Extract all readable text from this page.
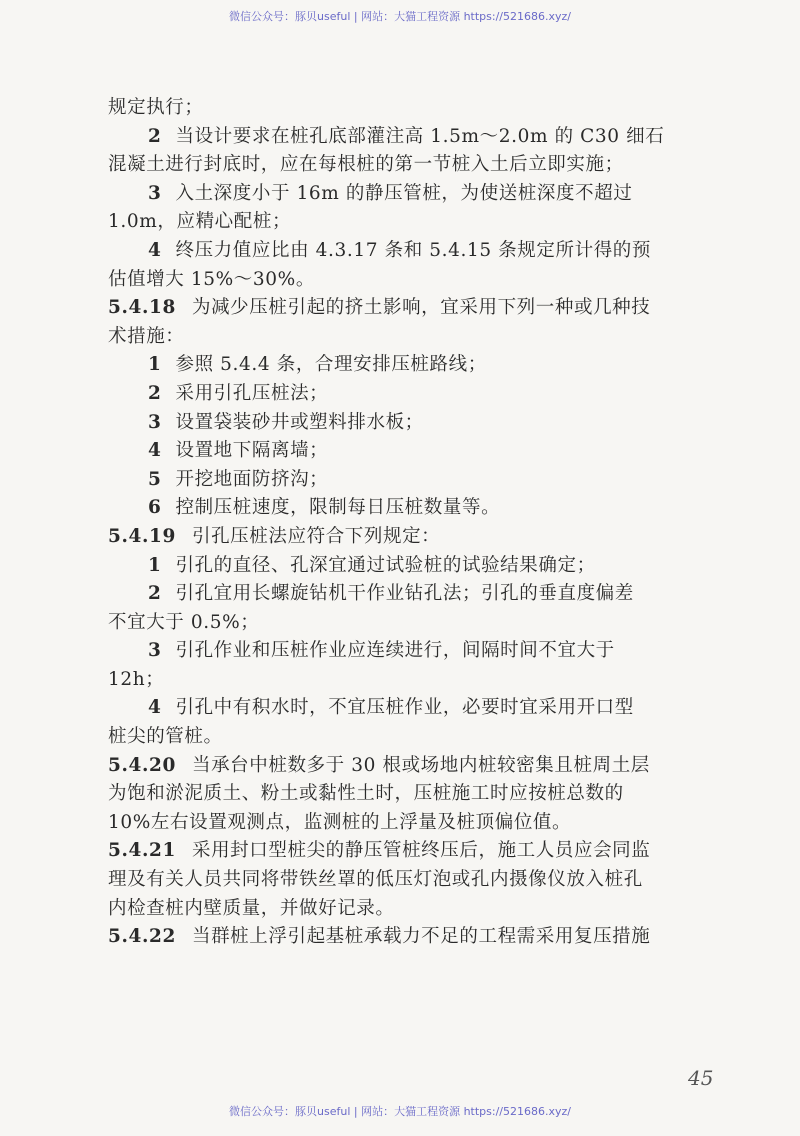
微信公众号：豚贝useful | 网站：大猫工程资源 https://521686.xyz/
规定执行；
2 当设计要求在桩孔底部灌注高 1.5m～2.0m 的 C30 细石
混凝土进行封底时，应在每根桩的第一节桩入土后立即实施；
3 入土深度小于 16m 的静压管桩，为使送桩深度不超过
1.0m，应精心配桩；
4 终压力值应比由 4.3.17 条和 5.4.15 条规定所计得的预
估值增大 15%～30%。
5.4.18 为减少压桩引起的挤土影响，宜采用下列一种或几种技
术措施：
1 参照 5.4.4 条，合理安排压桩路线；
2 采用引孔压桩法；
3 设置袋装砂井或塑料排水板；
4 设置地下隔离墙；
5 开挖地面防挤沟；
6 控制压桩速度，限制每日压桩数量等。
5.4.19 引孔压桩法应符合下列规定：
1 引孔的直径、孔深宜通过试验桩的试验结果确定；
2 引孔宜用长螺旋钻机干作业钻孔法；引孔的垂直度偏差
不宜大于 0.5%；
3 引孔作业和压桩作业应连续进行，间隔时间不宜大于
12h；
4 引孔中有积水时，不宜压桩作业，必要时宜采用开口型
桩尖的管桩。
5.4.20 当承台中桩数多于 30 根或场地内桩较密集且桩周土层
为饱和淤泥质土、粉土或黏性土时，压桩施工时应按桩总数的
10%左右设置观测点，监测桩的上浮量及桩顶偏位值。
5.4.21 采用封口型桩尖的静压管桩终压后，施工人员应会同监
理及有关人员共同将带铁丝罩的低压灯泡或孔内摄像仪放入桩孔
内检查桩内壁质量，并做好记录。
5.4.22 当群桩上浮引起基桩承载力不足的工程需采用复压措施
45
微信公众号：豚贝useful | 网站：大猫工程资源 https://521686.xyz/
